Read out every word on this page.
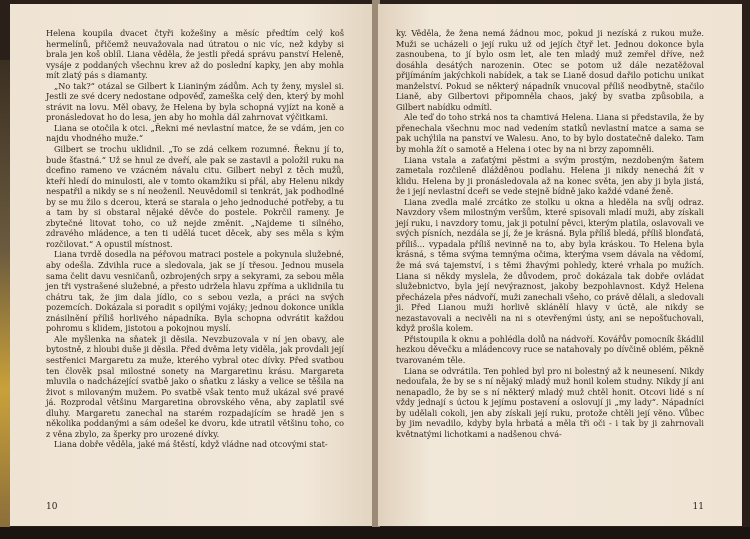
Helena koupila dvacet čtyři kožešiny a měsíc předtím celý koš hermelínů, přičemž neuvažovala nad útratou o nic víc, než kdyby si brala jen koš oblíl. Liana věděla, že jestli předá správu panství Heleně, vysáje z poddaných všechnu krev až do poslední kapky, jen aby mohla mít zlatý pás s diamanty.

„No tak?“ otázal se Gilbert k Lianiným zádům. Ach ty ženy, myslel si. Jestli ze své dcery nedostane odpověď, zameška celý den, který by mohl strávit na lovu. Měl obavy, že Helena by byla schopná vyjízt na koně a pronásledovat ho do lesa, jen aby ho mohla dál zahrnovat výčitkami.

Liana se otočila k otci. „Řekni mé nevlastní matce, že se vdám, jen co najdu vhodného muže.“

Gilbert se trochu uklidnil. „To se zdá celkem rozumné. Řeknu jí to, bude šťastná.“ Už se hnul ze dveří, ale pak se zastavil a položil ruku na dcefino rameno ve vzácném návalu citu. Gilbert nebyl z těch mužů, kteří hledí do minulosti, ale v tomto okamžiku si přál, aby Helenu nikdy nespatřil a nikdy se s ní neoženil. Neuvědomil si tenkrát, jak podhodlné by se mu žilo s dcerou, která se starala o jeho jednoduché potřeby, a tu a tam by si obstaral nějaké děvče do postele. Pokrčil rameny. Je zbytečné litovat toho, co už nejde změnit. „Najdeme ti silného, zdravého mládence, a ten ti udělá tucet děcek, aby ses měla s kým rozčilovat.“ A opustil místnost.

Liana tvrdě dosedla na péřovou matraci postele a pokynula služebné, aby odešla. Zdvihla ruce a sledovala, jak se jí třesou. Jednou musela sama čelit davu vesničanů, ozbrojených srpy a sekyrami, za sebou měla jen tři vystrašené služebné, a přesto udržela hlavu zpříma a uklidnila tu chátru tak, že jim dala jídlo, co s sebou vezla, a práci na svých pozemcích. Dokázala si poradit s opilými vojáky; jednou dokonce unikla znásilnění příliš horlivého nápadníka. Byla schopna odvrátit každou pohromu s klidem, jistotou a pokojnou myslí.

Ale myšlenka na sňatek ji děsila. Nevzbuzovala v ní jen obavy, ale bytostně, z hloubi duše ji děsila. Před dvěma lety viděla, jak provdali její sestřenici Margaretu za muže, kterého vybral otec dívky. Před svatbou ten člověk psal milostné sonety na Margaretinu krásu. Margareta mluvila o nadcházející svatbě jako o sňatku z lásky a velice se těšila na život s milovaným mužem. Po svatbě však tento muž ukázal své pravé já. Rozprodal většinu Margaretina obrovského věna, aby zaplatil své dluhy. Margaretu zanechal na starém rozpadajícím se hradě jen s několika poddanými a sám odešel ke dvoru, kde utratil většinu toho, co z věna zbylo, za šperky pro urozené dívky.

Liana dobře věděla, jaké má štěstí, když vládne nad otcovými stat-

10

ky. Věděla, že žena nemá žádnou moc, pokud ji nezíská z rukou muže. Muži se ucházeli o její ruku už od jejích čtyř let. Jednou dokonce byla zasnoubena, to jí bylo osm let, ale ten mladý muž zemřel dříve, než dosáhla desátých narozenin. Otec se potom už dále nezatěžoval přijímáním jakýchkoli nabídek, a tak se Lianě dosud dařilo potichu unikat manželství. Pokud se některý nápadník vnucoval příliš neodbytně, stačilo Lianě, aby Gilbertovi připomněla chaos, jaký by svatba způsobila, a Gilbert nabídku odmítl.

Ale teď do toho strká nos ta chamtivá Helena. Liana si představila, že by přenechala všechnu moc nad vedením statků nevlastní matce a sama se pak uchýlila na panství ve Walesu. Ano, to by bylo dostatečně daleko. Tam by mohla žít o samotě a Helena i otec by na ni brzy zapomněli.

Liana vstala a zaťatými pěstmi a svým prostým, nezdobeným šatem zametala rozčileně dlážděnou podlahu. Helena ji nikdy nenechá žít v klidu. Helena by ji pronásledovala až na konec světa, jen aby ji byla jistá, že i její nevlastní dceři se vede stejně bídně jako každé vdané ženě.

Liana zvedla malé zrcátko ze stolku u okna a hleděla na svůj odraz. Navzdory všem milostným veršům, které spisovali mladí muži, aby získali její ruku, i navzdory tomu, jak ji potulní pěvci, kterým platila, oslavovali ve svých písních, nezdála se jí, že je krásná. Byla příliš bledá, příliš blonďatá, příliš... vypadala příliš nevinně na to, aby byla kráskou. To Helena byla krásná, s těma svýma temnýma očima, kterýma vsem dávala na vědomí, že má svá tajemství, i s těmi žhavými pohledy, které vrhala po mužích. Liana si někdy myslela, že důvodem, proč dokázala tak dobře ovládat služebnictvo, byla její nevýraznost, jakoby bezpohlavnost. Když Helena přecházela přes nádvoří, muži zanechali všeho, co právě dělali, a sledovali ji. Před Lianou muži horlivě sklánělí hlavy v úctě, ale nikdy se nezastavovali a necivěli na ni s otevřenými ústy, ani se nepošťuchovali, když prošla kolem.

Přistoupila k oknu a pohlédla dolů na nádvoří. Kovářův pomocník škádlil hezkou děvečku a mládencovy ruce se natahovaly po dívčině oblém, pěkně tvarovaném těle.

Liana se odvrátila. Ten pohled byl pro ni bolestný až k neunesení. Nikdy nedoufala, že by se s ní nějaký mladý muž honil kolem studny. Nikdy jí ani nenapadlo, že by se s ní některý mladý muž chtěl honit. Otcovi lidé s ní vždy jednají s úctou k jejímu postavení a oslovují ji „my lady“. Nápadníci by udělali cokoli, jen aby získali její ruku, protože chtěli její věno. Vůbec by jim nevadilo, kdyby byla hrbatá a měla tři oči - i tak by ji zahrnovali květnatými lichotkami a nadšenou chvá-

11
